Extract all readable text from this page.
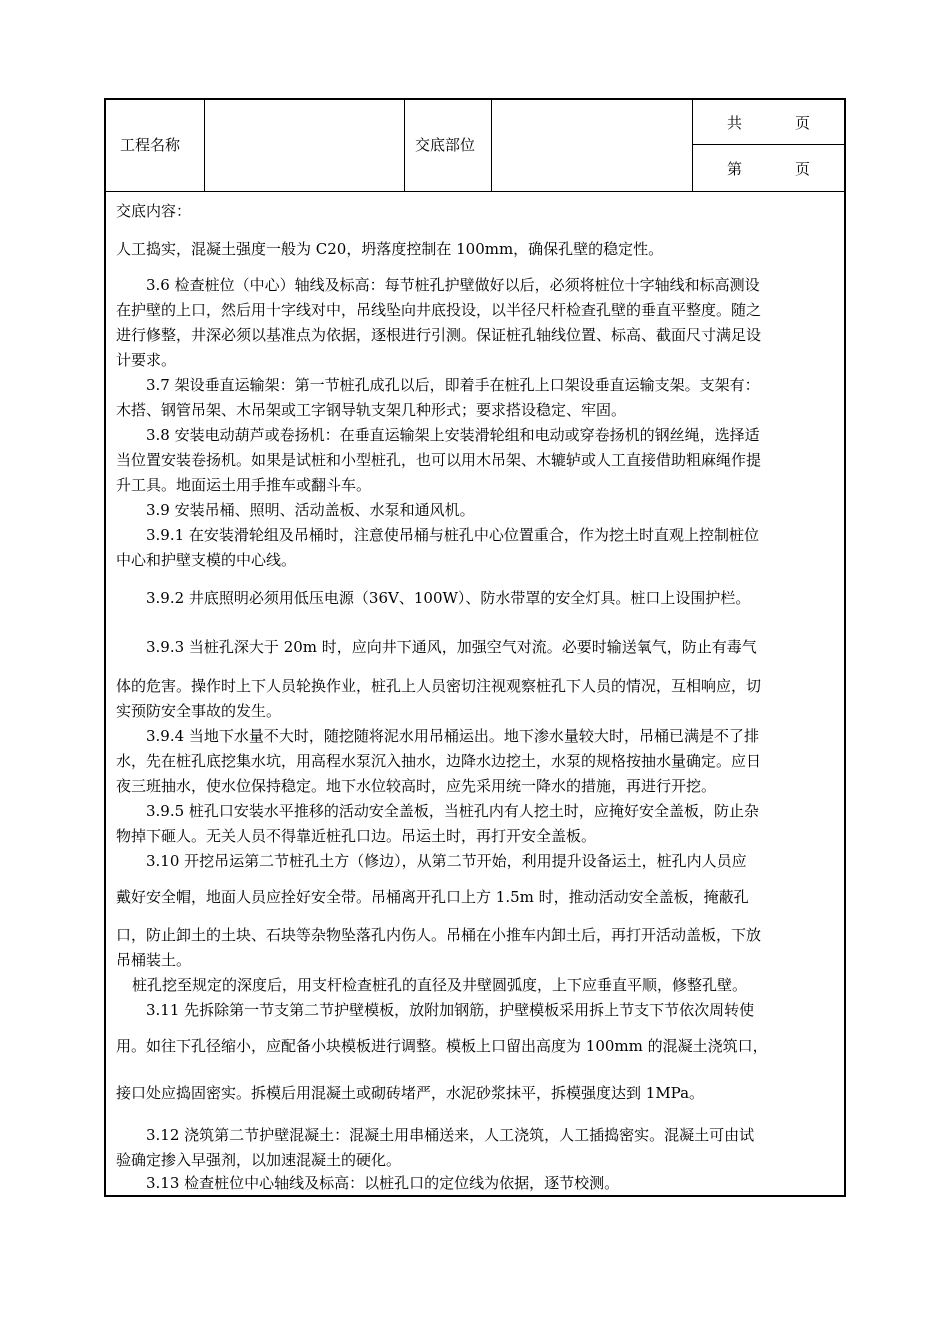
工程名称	交底部位
共	页
第	页
交底内容：
人工捣实，混凝土强度一般为 C20，坍落度控制在 100mm，确保孔壁的稳定性。
3.6 检查桩位（中心）轴线及标高：每节桩孔护壁做好以后，必须将桩位十字轴线和标高测设
在护壁的上口，然后用十字线对中，吊线坠向井底投设，以半径尺杆检查孔壁的垂直平整度。随之
进行修整，井深必须以基准点为依据，逐根进行引测。保证桩孔轴线位置、标高、截面尺寸满足设
计要求。
3.7 架设垂直运输架：第一节桩孔成孔以后，即着手在桩孔上口架设垂直运输支架。支架有：
木搭、钢管吊架、木吊架或工字钢导轨支架几种形式；要求搭设稳定、牢固。
3.8 安装电动葫芦或卷扬机：在垂直运输架上安装滑轮组和电动或穿卷扬机的钢丝绳，选择适
当位置安装卷扬机。如果是试桩和小型桩孔，也可以用木吊架、木辘轳或人工直接借助粗麻绳作提
升工具。地面运土用手推车或翻斗车。
3.9 安装吊桶、照明、活动盖板、水泵和通风机。
3.9.1 在安装滑轮组及吊桶时，注意使吊桶与桩孔中心位置重合，作为挖土时直观上控制桩位
中心和护壁支模的中心线。
3.9.2 井底照明必须用低压电源（36V、100W）、防水带罩的安全灯具。桩口上设围护栏。
3.9.3 当桩孔深大于 20m 时，应向井下通风，加强空气对流。必要时输送氧气，防止有毒气
体的危害。操作时上下人员轮换作业，桩孔上人员密切注视观察桩孔下人员的情况，互相响应，切
实预防安全事故的发生。
3.9.4 当地下水量不大时，随挖随将泥水用吊桶运出。地下渗水量较大时，吊桶已满是不了排
水，先在桩孔底挖集水坑，用高程水泵沉入抽水，边降水边挖土，水泵的规格按抽水量确定。应日
夜三班抽水，使水位保持稳定。地下水位较高时，应先采用统一降水的措施，再进行开挖。
3.9.5 桩孔口安装水平推移的活动安全盖板，当桩孔内有人挖土时，应掩好安全盖板，防止杂
物掉下砸人。无关人员不得靠近桩孔口边。吊运土时，再打开安全盖板。
3.10 开挖吊运第二节桩孔土方（修边），从第二节开始，利用提升设备运土，桩孔内人员应
戴好安全帽，地面人员应拴好安全带。吊桶离开孔口上方 1.5m 时，推动活动安全盖板，掩蔽孔
口，防止卸土的土块、石块等杂物坠落孔内伤人。吊桶在小推车内卸土后，再打开活动盖板，下放
吊桶装土。
桩孔挖至规定的深度后，用支杆检查桩孔的直径及井壁圆弧度，上下应垂直平顺，修整孔壁。
3.11 先拆除第一节支第二节护壁模板，放附加钢筋，护壁模板采用拆上节支下节依次周转使
用。如往下孔径缩小，应配备小块模板进行调整。模板上口留出高度为 100mm 的混凝土浇筑口，
接口处应捣固密实。拆模后用混凝土或砌砖堵严，水泥砂浆抹平，拆模强度达到 1MPa。
3.12 浇筑第二节护壁混凝土：混凝土用串桶送来，人工浇筑，人工插捣密实。混凝土可由试
验确定掺入早强剂，以加速混凝土的硬化。
3.13 检查桩位中心轴线及标高：以桩孔口的定位线为依据，逐节校测。
